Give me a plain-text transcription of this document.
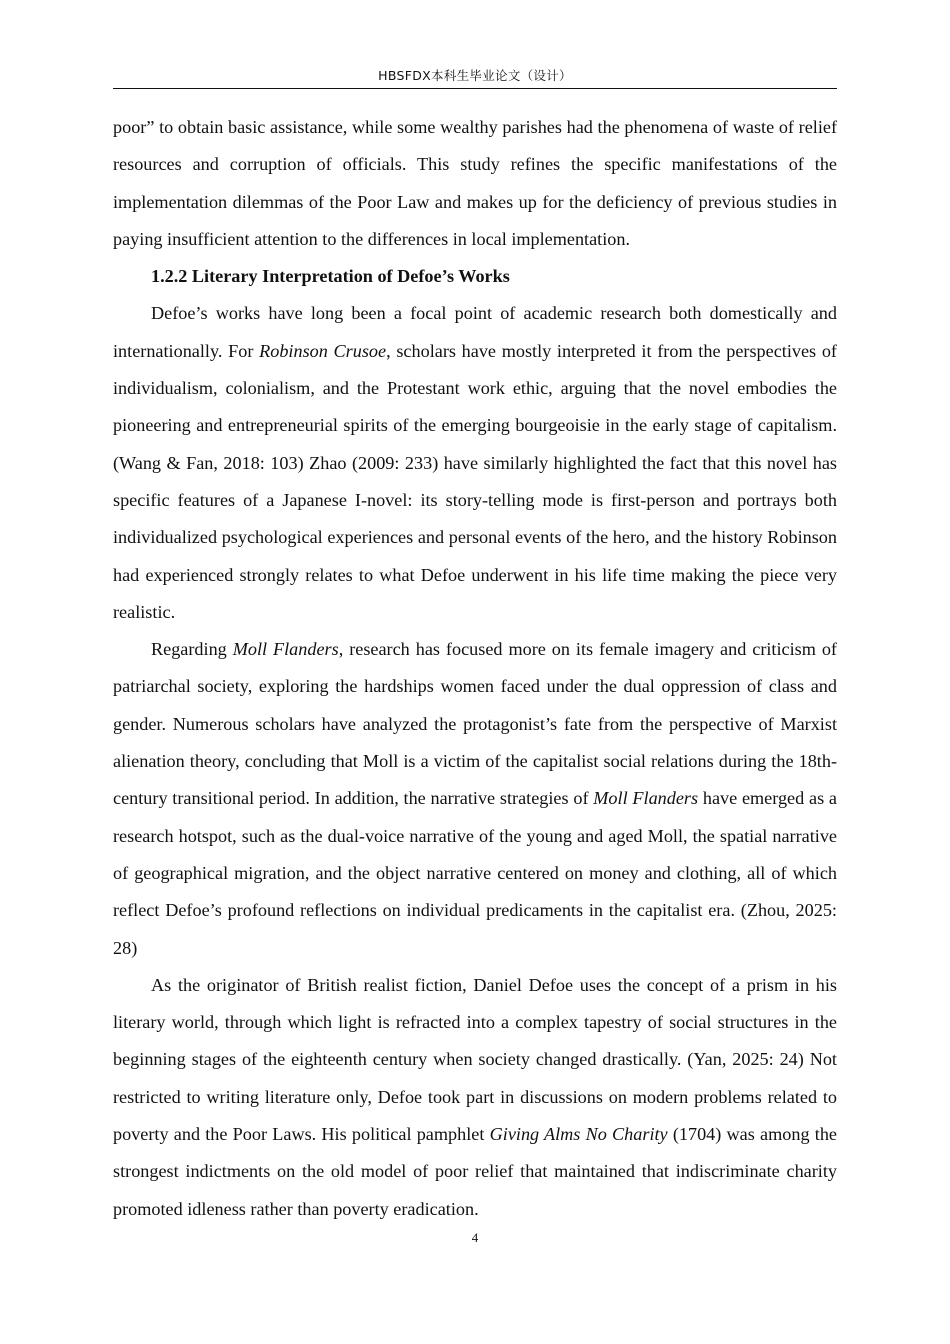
HBSFDX本科生毕业论文（设计）

poor” to obtain basic assistance, while some wealthy parishes had the phenomena of waste of relief resources and corruption of officials. This study refines the specific manifestations of the implementation dilemmas of the Poor Law and makes up for the deficiency of previous studies in paying insufficient attention to the differences in local implementation.

1.2.2 Literary Interpretation of Defoe’s Works

Defoe’s works have long been a focal point of academic research both domestically and internationally. For Robinson Crusoe, scholars have mostly interpreted it from the perspectives of individualism, colonialism, and the Protestant work ethic, arguing that the novel embodies the pioneering and entrepreneurial spirits of the emerging bourgeoisie in the early stage of capitalism. (Wang & Fan, 2018: 103) Zhao (2009: 233) have similarly highlighted the fact that this novel has specific features of a Japanese I-novel: its story-telling mode is first-person and portrays both individualized psychological experiences and personal events of the hero, and the history Robinson had experienced strongly relates to what Defoe underwent in his life time making the piece very realistic.

Regarding Moll Flanders, research has focused more on its female imagery and criticism of patriarchal society, exploring the hardships women faced under the dual oppression of class and gender. Numerous scholars have analyzed the protagonist’s fate from the perspective of Marxist alienation theory, concluding that Moll is a victim of the capitalist social relations during the 18th-century transitional period. In addition, the narrative strategies of Moll Flanders have emerged as a research hotspot, such as the dual-voice narrative of the young and aged Moll, the spatial narrative of geographical migration, and the object narrative centered on money and clothing, all of which reflect Defoe’s profound reflections on individual predicaments in the capitalist era. (Zhou, 2025: 28)

As the originator of British realist fiction, Daniel Defoe uses the concept of a prism in his literary world, through which light is refracted into a complex tapestry of social structures in the beginning stages of the eighteenth century when society changed drastically. (Yan, 2025: 24) Not restricted to writing literature only, Defoe took part in discussions on modern problems related to poverty and the Poor Laws. His political pamphlet Giving Alms No Charity (1704) was among the strongest indictments on the old model of poor relief that maintained that indiscriminate charity promoted idleness rather than poverty eradication.

4
